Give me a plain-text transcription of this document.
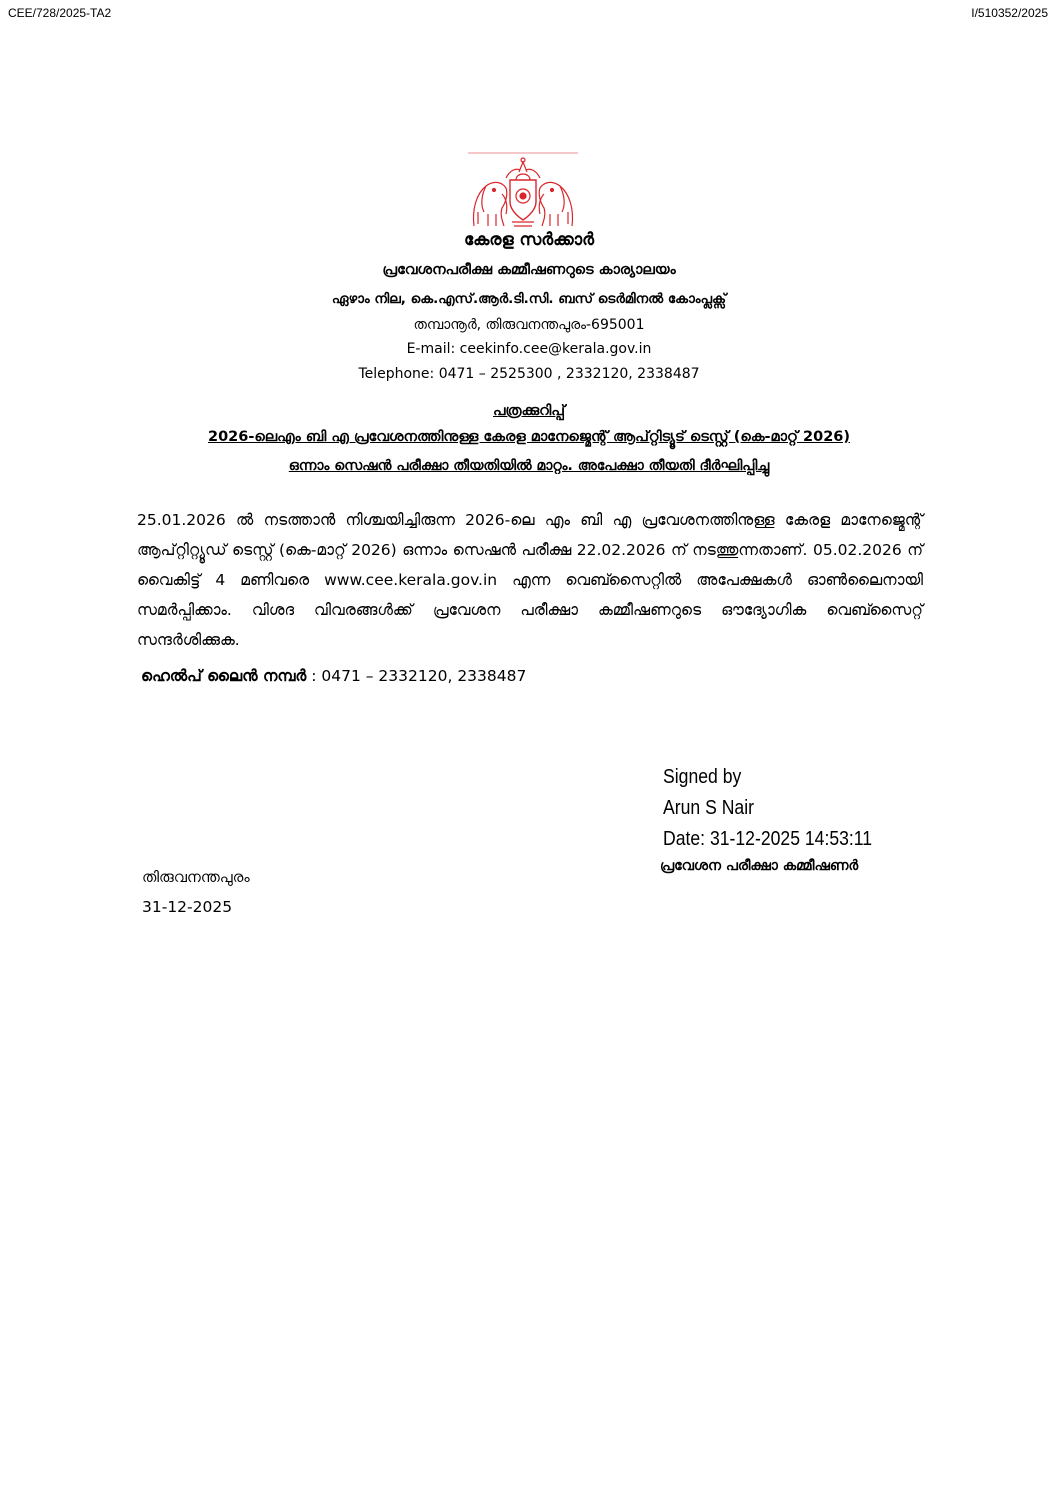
CEE/728/2025-TA2	I/510352/2025
കേരള സർക്കാർ
പ്രവേശനപരീക്ഷ കമ്മീഷണറുടെ കാര്യാലയം
ഏഴാം നില, കെ.എസ്.ആർ.ടി.സി. ബസ് ടെർമിനൽ കോംപ്ലക്സ്
തമ്പാനൂർ, തിരുവനന്തപുരം-695001
E-mail: ceekinfo.cee@kerala.gov.in
Telephone: 0471 – 2525300 , 2332120, 2338487
പത്രക്കുറിപ്പ്
2026-ലെഎം ബി എ പ്രവേശനത്തിനുള്ള കേരള മാനേജ്മെന്റ് ആപ്റ്റിട്യൂട് ടെസ്റ്റ് (കെ-മാറ്റ് 2026)
ഒന്നാം സെഷൻ പരീക്ഷാ തീയതിയിൽ മാറ്റം. അപേക്ഷാ തീയതി ദീർഘിപ്പിച്ചു
25.01.2026 ൽ നടത്താൻ നിശ്ചയിച്ചിരുന്ന 2026-ലെ എം ബി എ പ്രവേശനത്തിനുള്ള കേരള മാനേജ്മെന്റ് ആപ്റ്റിറ്റ്യൂഡ് ടെസ്റ്റ് (കെ-മാറ്റ് 2026) ഒന്നാം സെഷൻ പരീക്ഷ 22.02.2026 ന് നടത്തുന്നതാണ്. 05.02.2026 ന് വൈകിട്ട് 4 മണിവരെ www.cee.kerala.gov.in എന്ന വെബ്സൈറ്റിൽ അപേക്ഷകൾ ഓൺലൈനായി സമർപ്പിക്കാം. വിശദ വിവരങ്ങൾക്ക് പ്രവേശന പരീക്ഷാ കമ്മീഷണറുടെ ഔദ്യോഗിക വെബ്സൈറ്റ് സന്ദർശിക്കുക.
ഹെൽപ് ലൈൻ നമ്പർ : 0471 – 2332120, 2338487
Signed by
Arun S Nair
Date: 31-12-2025 14:53:11
പ്രവേശന പരീക്ഷാ കമ്മീഷണർ
തിരുവനന്തപുരം
31-12-2025
